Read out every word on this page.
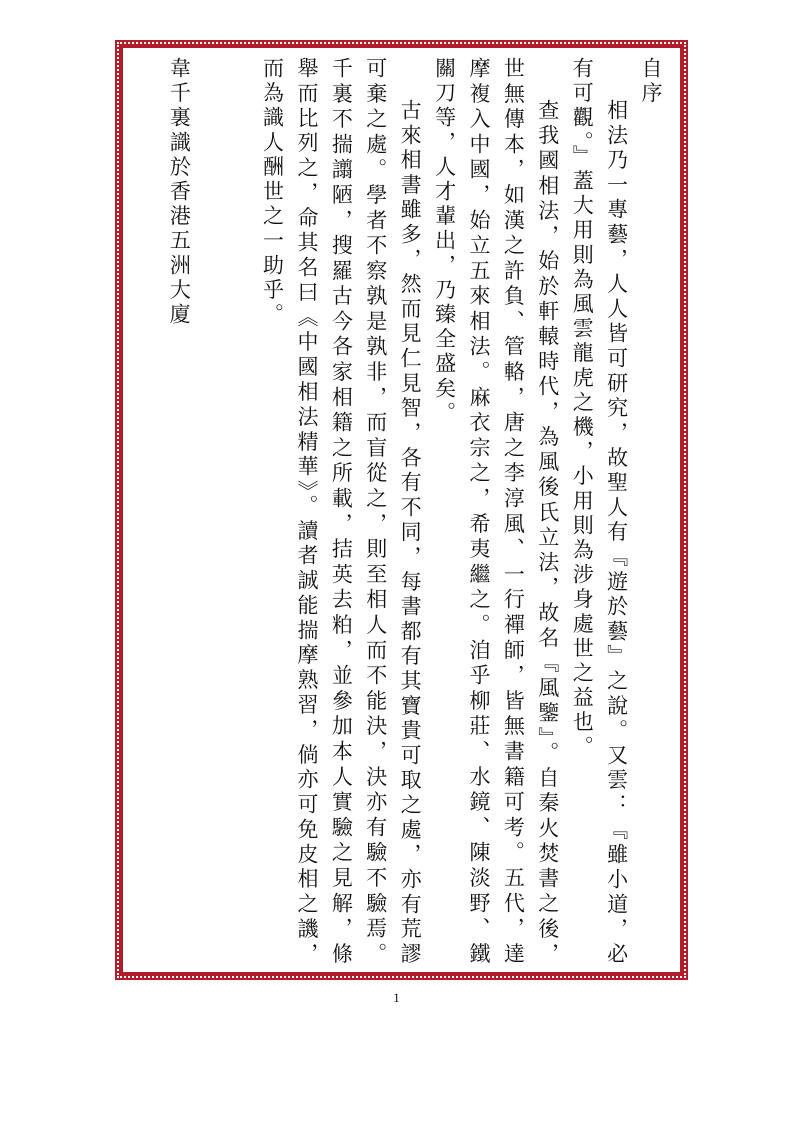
自序

相法乃一專藝，人人皆可研究，故聖人有『遊於藝』之說。又雲：『雖小道，必有可觀。』蓋大用則為風雲龍虎之機，小用則為涉身處世之益也。

查我國相法，始於軒轅時代，為風後氏立法，故名『風鑒』。自秦火焚書之後，世無傳本，如漢之許負、管輅，唐之李淳風、一行禪師，皆無書籍可考。五代，達摩複入中國，始立五來相法。麻衣宗之，希夷繼之。洎乎柳莊、水鏡、陳淡野、鐵關刀等，人才輩出，乃臻全盛矣。

古來相書雖多，然而見仁見智，各有不同，每書都有其寶貴可取之處，亦有荒謬可棄之處。學者不察孰是孰非，而盲從之，則至相人而不能決，決亦有驗不驗焉。千裏不揣譾陋，搜羅古今各家相籍之所載，拮英去粕，並參加本人實驗之見解，條舉而比列之，命其名曰《中國相法精華》。讀者誠能揣摩熟習，倘亦可免皮相之譏，而為識人酬世之一助乎。

韋千裏識於香港五洲大廈

1
